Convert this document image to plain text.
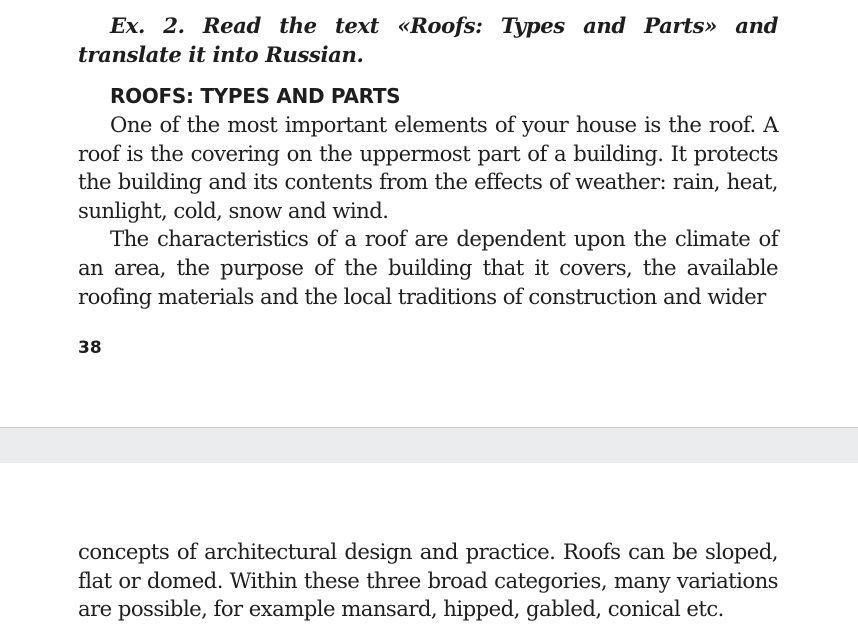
Ex. 2. Read the text «Roofs: Types and Parts» and translate it into Russian.
ROOFS: TYPES AND PARTS

One of the most important elements of your house is the roof. A roof is the covering on the uppermost part of a building. It protects the building and its contents from the effects of weather: rain, heat, sunlight, cold, snow and wind.

The characteristics of a roof are dependent upon the climate of an area, the purpose of the building that it covers, the available roofing materials and the local traditions of construction and wider

38
concepts of architectural design and practice. Roofs can be sloped, flat or domed. Within these three broad categories, many variations are possible, for example mansard, hipped, gabled, conical etc.
